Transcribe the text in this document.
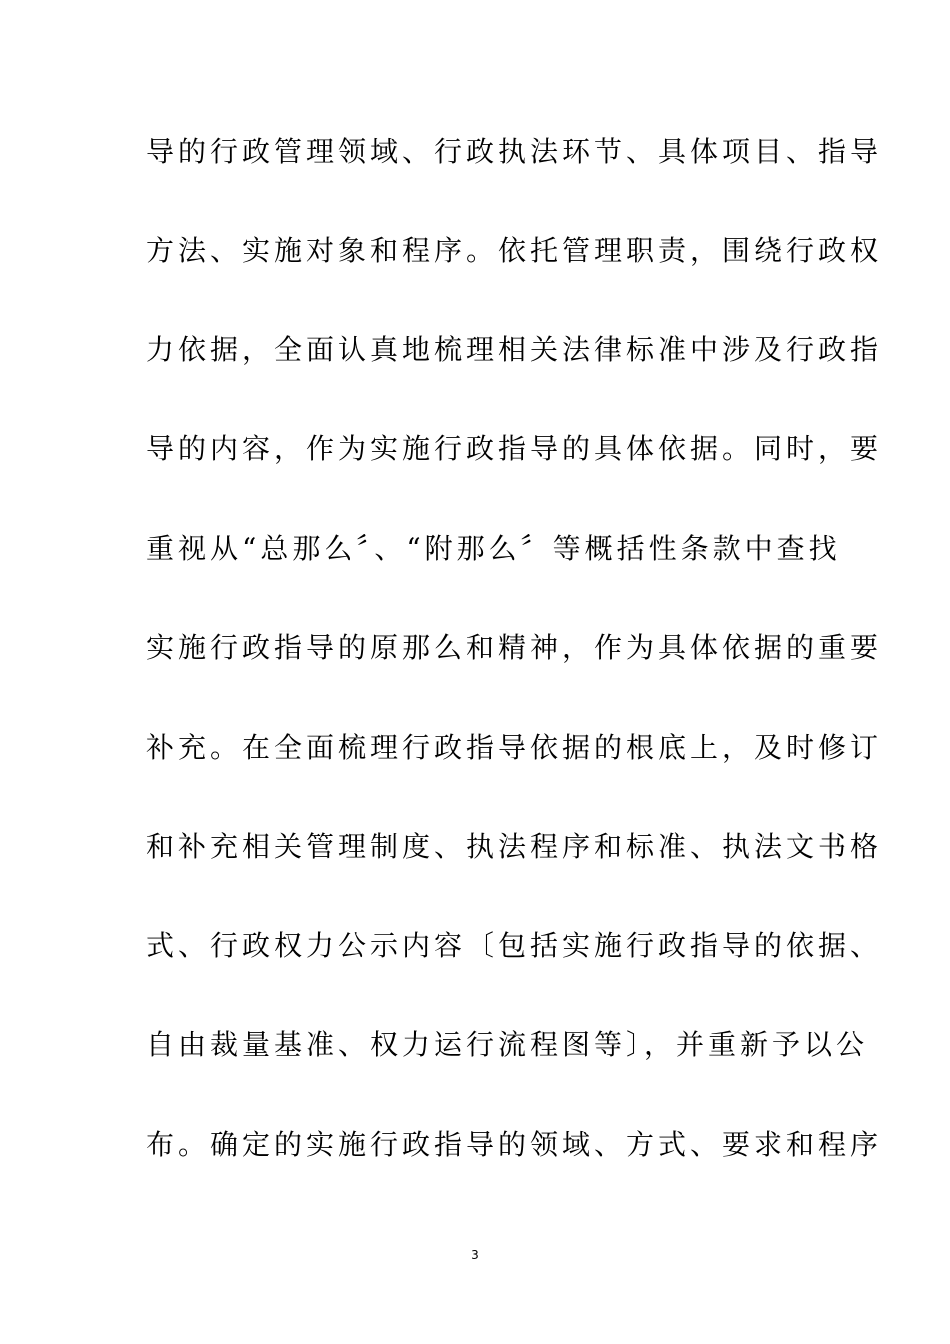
导的行政管理领域、行政执法环节、具体项目、指导
方法、实施对象和程序。依托管理职责，围绕行政权
力依据，全面认真地梳理相关法律标准中涉及行政指
导的内容，作为实施行政指导的具体依据。同时，要
重视从“总那么〞、“附那么〞等概括性条款中查找
实施行政指导的原那么和精神，作为具体依据的重要
补充。在全面梳理行政指导依据的根底上，及时修订
和补充相关管理制度、执法程序和标准、执法文书格
式、行政权力公示内容〔包括实施行政指导的依据、
自由裁量基准、权力运行流程图等〕，并重新予以公
布。确定的实施行政指导的领域、方式、要求和程序
3
